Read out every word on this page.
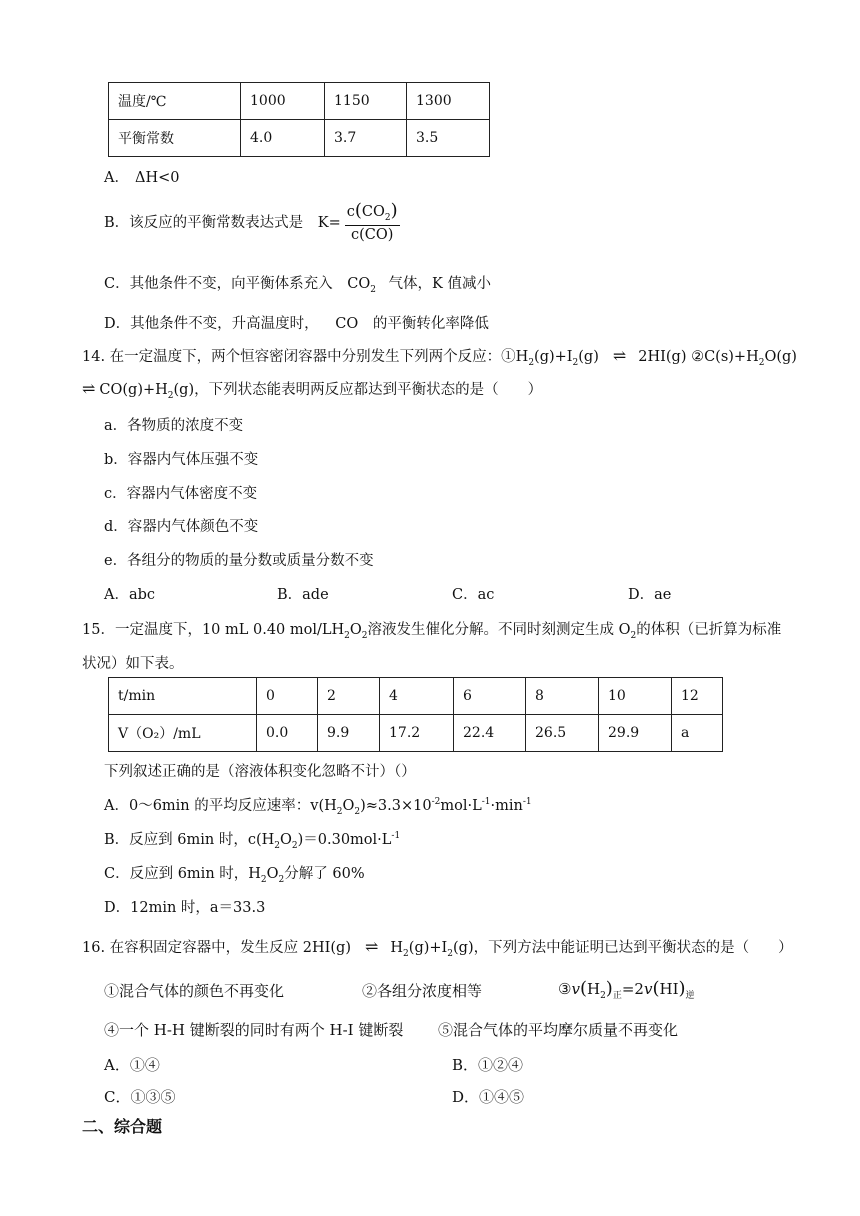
温度/℃	1000	1150	1300
平衡常数	4.0	3.7	3.5
A． ΔH<0
B．该反应的平衡常数表达式是 $K= \frac{c(CO_2)}{c(CO)}$
C．其他条件不变，向平衡体系充入 $CO_2$ 气体，K 值减小
D．其他条件不变，升高温度时， CO 的平衡转化率降低
14. 在一定温度下，两个恒容密闭容器中分别发生下列两个反应：$①H_2(g)+I_2(g)$ ⇌ 2HI(g) $②C(s)+H_2O(g)$
⇌ $CO(g)+H_2(g)$，下列状态能表明两反应都达到平衡状态的是（　　）
a．各物质的浓度不变
b．容器内气体压强不变
c．容器内气体密度不变
d．容器内气体颜色不变
e．各组分的物质的量分数或质量分数不变
A．abc	B．ade	C．ac	D．ae
15．一定温度下，10 mL 0.40 mol/$LH_2O_2$溶液发生催化分解。不同时刻测定生成 $O_2$的体积（已折算为标准
状况）如下表。
t/min	0	2	4	6	8	10	12
V（O₂）/mL	0.0	9.9	17.2	22.4	26.5	29.9	a
下列叙述正确的是（溶液体积变化忽略不计）（）
A．0～6min 的平均反应速率：$v(H_2O_2)\approx 3.3\times 10^{-2}mol\cdot L^{-1}\cdot\min^{-1}$
B．反应到 6min 时，$c(H_2O_2)=0.30mol\cdot L^{-1}$
C．反应到 6min 时，$H_2O_2$分解了 60%
D．12min 时，a＝33.3
16. 在容积固定容器中，发生反应 2HI(g) ⇌ $H_2(g)+I_2(g)$，下列方法中能证明已达到平衡状态的是（　　）
①混合气体的颜色不再变化	②各组分浓度相等	$③v(H_2)_正=2v(HI)_逆$
④一个 H-H 键断裂的同时有两个 H-I 键断裂 ⑤混合气体的平均摩尔质量不再变化
A．①④	B．①②④
C．①③⑤	D．①④⑤
二、综合题
